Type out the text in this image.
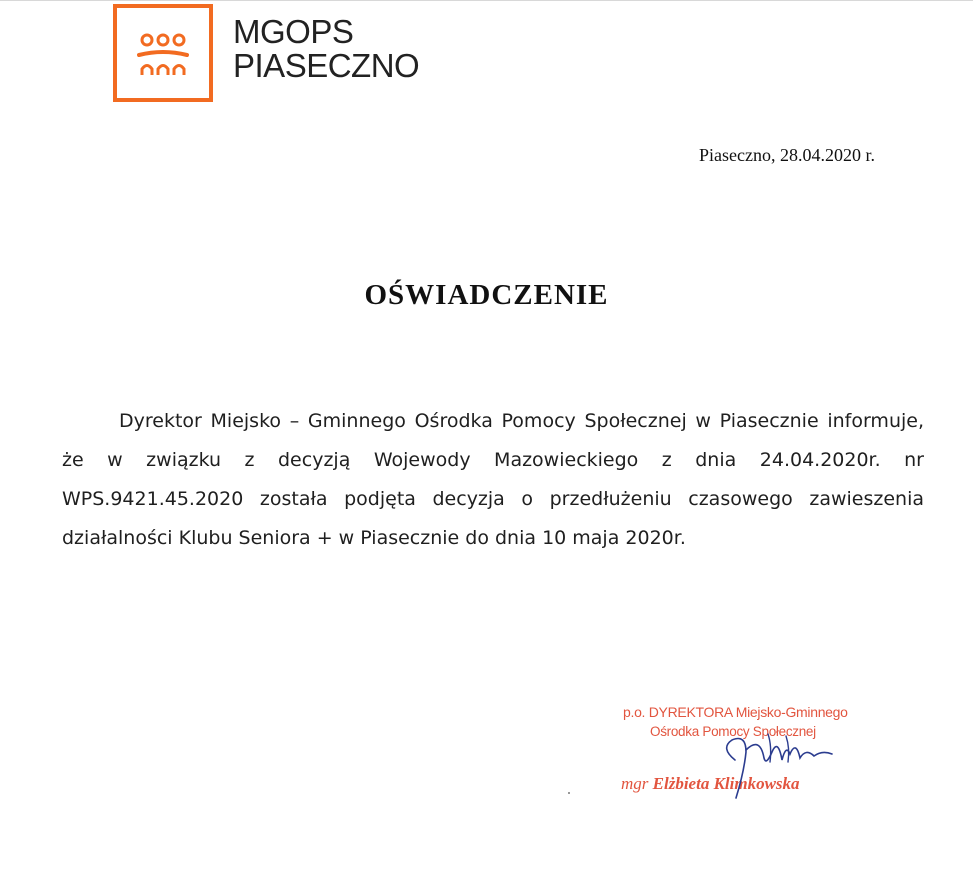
MGOPS
PIASECZNO
Piaseczno, 28.04.2020 r.
OŚWIADCZENIE
Dyrektor Miejsko – Gminnego Ośrodka Pomocy Społecznej w Piasecznie informuje, że w związku z decyzją Wojewody Mazowieckiego z dnia 24.04.2020r. nr WPS.9421.45.2020 została podjęta decyzja o przedłużeniu czasowego zawieszenia działalności Klubu Seniora + w Piasecznie do dnia 10 maja 2020r.
p.o. DYREKTORA Miejsko-Gminnego
Ośrodka Pomocy Społecznej
mgr Elżbieta Klimkowska
